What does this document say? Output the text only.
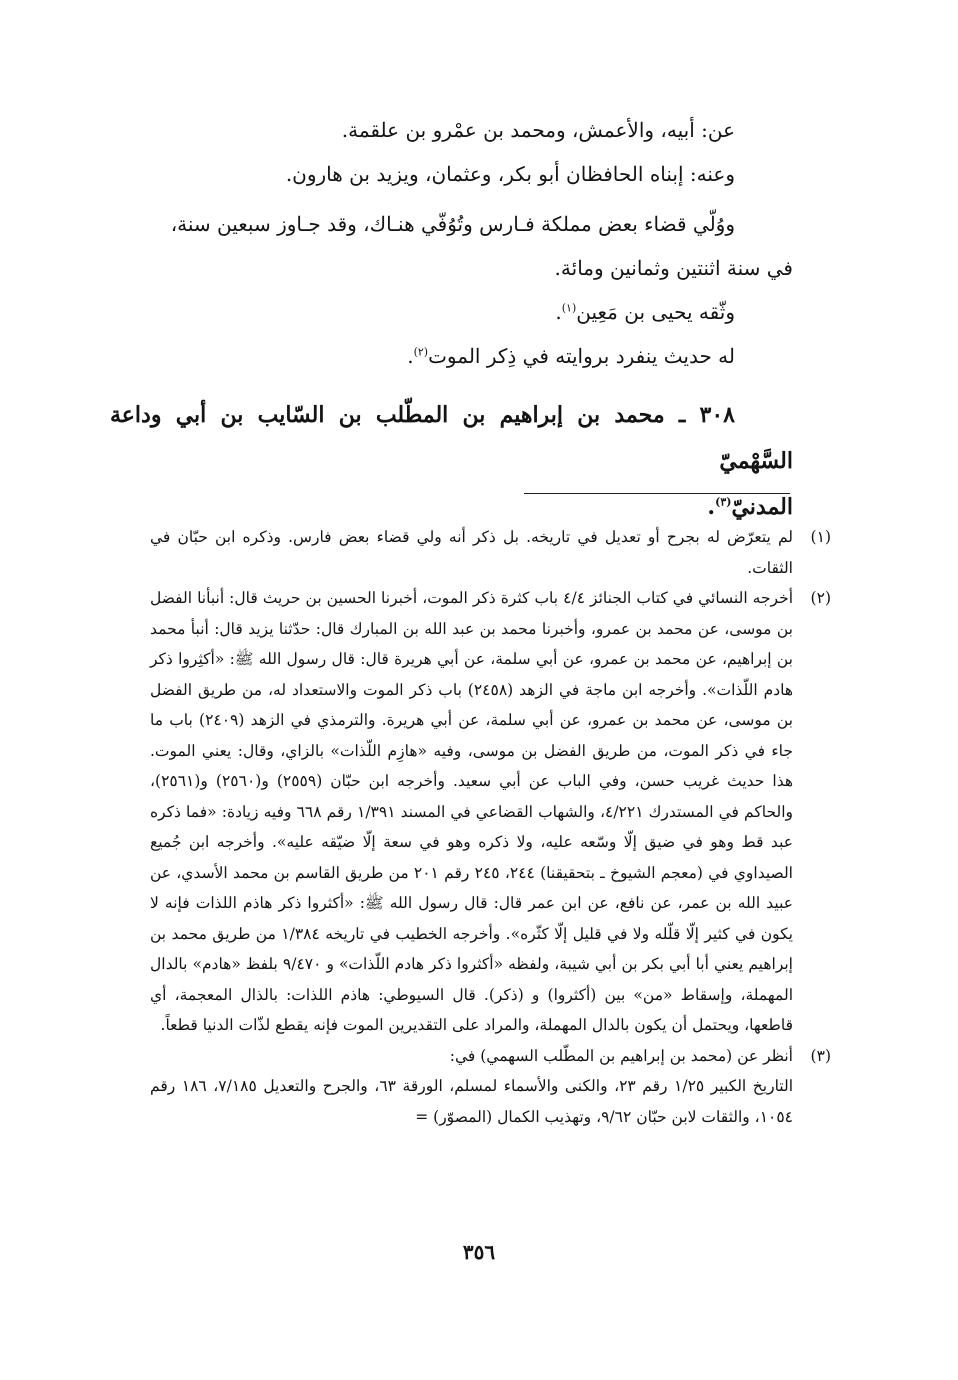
عن: أبيه، والأعمش، ومحمد بن عمْرو بن علقمة.

وعنه: إبناه الحافظان أبو بكر، وعثمان، ويزيد بن هارون.

ووُلّي قضاء بعض مملكة فـارس وتُوُفّي هنـاك، وقد جـاوز سبعين سنة،

في سنة اثنتين وثمانين ومائة.

وثّقه يحيى بن مَعِين$^{(١)}$.

له حديث ينفرد بروايته في ذِكر الموت$^{(٢)}$.

٣٠٨ ـ محمد بن إبراهيم بن المطّلب بن السّايب بن أبي وداعة السَّهْميّ
المدنيّ$^{(٣)}$.

(١)

لم يتعرّض له بجرح أو تعديل في تاريخه. بل ذكر أنه ولي قضاء بعض فارس. وذكره ابن حبّان في الثقات.

(٢)

أخرجه النسائي في كتاب الجنائز ٤/٤ باب كثرة ذكر الموت، أخبرنا الحسين بن حريث قال: أنبأنا الفضل بن موسى، عن محمد بن عمرو، وأخبرنا محمد بن عبد الله بن المبارك قال: حدّثنا يزيد قال: أنبأ محمد بن إبراهيم، عن محمد بن عمرو، عن أبي سلمة، عن أبي هريرة قال: قال رسول الله ﷺ: «أكثِروا ذكر هادم اللّذات». وأخرجه ابن ماجة في الزهد (٢٤٥٨) باب ذكر الموت والاستعداد له، من طريق الفضل بن موسى، عن محمد بن عمرو، عن أبي سلمة، عن أبي هريرة. والترمذي في الزهد (٢٤٠٩) باب ما جاء في ذكر الموت، من طريق الفضل بن موسى، وفيه «هازِم اللّذات» بالزاي، وقال: يعني الموت. هذا حديث غريب حسن، وفي الباب عن أبي سعيد. وأخرجه ابن حبّان (٢٥٥٩) و(٢٥٦٠) و(٢٥٦١)، والحاكم في المستدرك ٤/٢٢١، والشهاب القضاعي في المسند ١/٣٩١ رقم ٦٦٨ وفيه زيادة: «فما ذكره عبد قط وهو في ضيق إلّا وسّعه عليه، ولا ذكره وهو في سعة إلّا ضيّقه عليه». وأخرجه ابن جُميع الصيداوي في (معجم الشيوخ ـ بتحقيقنا) ٢٤٤، ٢٤٥ رقم ٢٠١ من طريق القاسم بن محمد الأسدي، عن عبيد الله بن عمر، عن نافع، عن ابن عمر قال: قال رسول الله ﷺ: «أكثروا ذكر هاذم اللذات فإنه لا يكون في كثير إلّا قلّله ولا في قليل إلّا كثّره». وأخرجه الخطيب في تاريخه ١/٣٨٤ من طريق محمد بن إبراهيم يعني أبا أبي بكر بن أبي شيبة، ولفظه «أكثروا ذكر هادم اللّذات» و ٩/٤٧٠ بلفظ «هادم» بالدال المهملة، وإسقاط «من» بين (أكثروا) و (ذكر). قال السيوطي: هاذم اللذات: بالذال المعجمة، أي قاطعها، ويحتمل أن يكون بالدال المهملة، والمراد على التقديرين الموت فإنه يقطع لذّات الدنيا قطعاً.

(٣)

أنظر عن (محمد بن إبراهيم بن المطّلب السهمي) في:

التاريخ الكبير ١/٢٥ رقم ٢٣، والكنى والأسماء لمسلم، الورقة ٦٣، والجرح والتعديل ٧/١٨٥، ١٨٦ رقم ١٠٥٤، والثقات لابن حبّان ٩/٦٢، وتهذيب الكمال (المصوّر) =

٣٥٦
